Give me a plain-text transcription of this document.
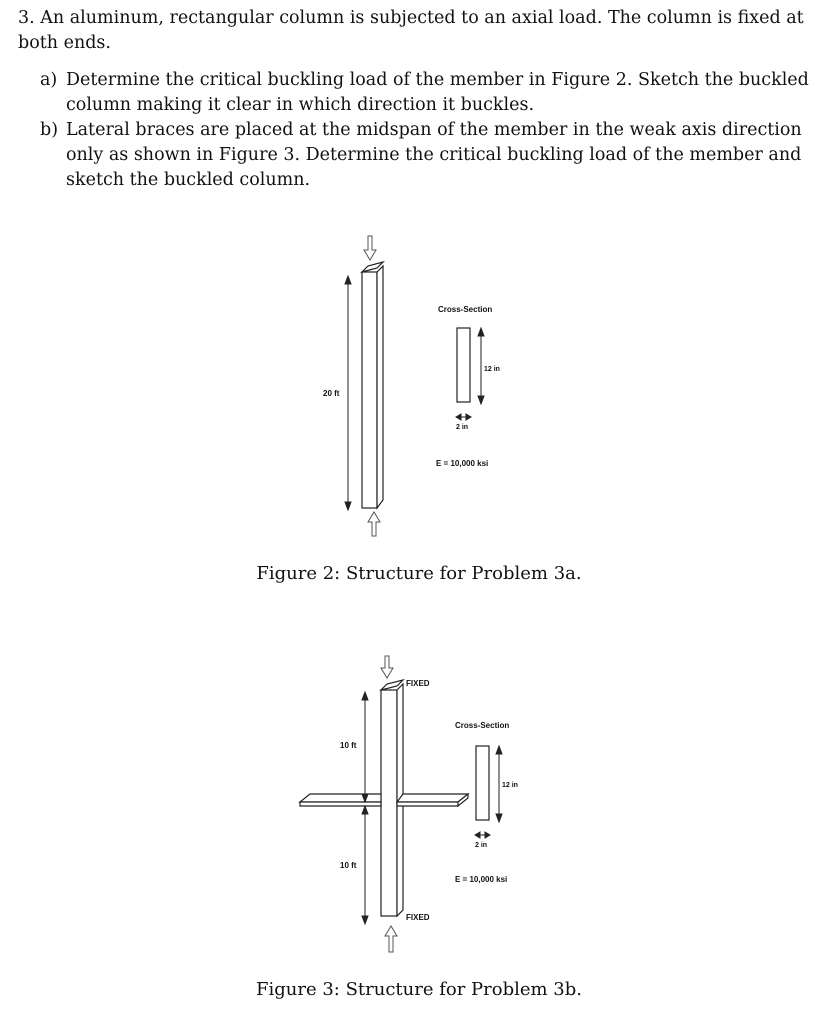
3. An aluminum, rectangular column is subjected to an axial load. The column is fixed at both ends.

a) Determine the critical buckling load of the member in Figure 2. Sketch the buckled column making it clear in which direction it buckles.
b) Lateral braces are placed at the midspan of the member in the weak axis direction only as shown in Figure 3. Determine the critical buckling load of the member and sketch the buckled column.
20 ft
Cross-Section
12 in
2 in
E = 10,000 ksi
Figure 2: Structure for Problem 3a.
FIXED
FIXED
10 ft
10 ft
Cross-Section
12 in
2 in
E = 10,000 ksi
Figure 3: Structure for Problem 3b.
